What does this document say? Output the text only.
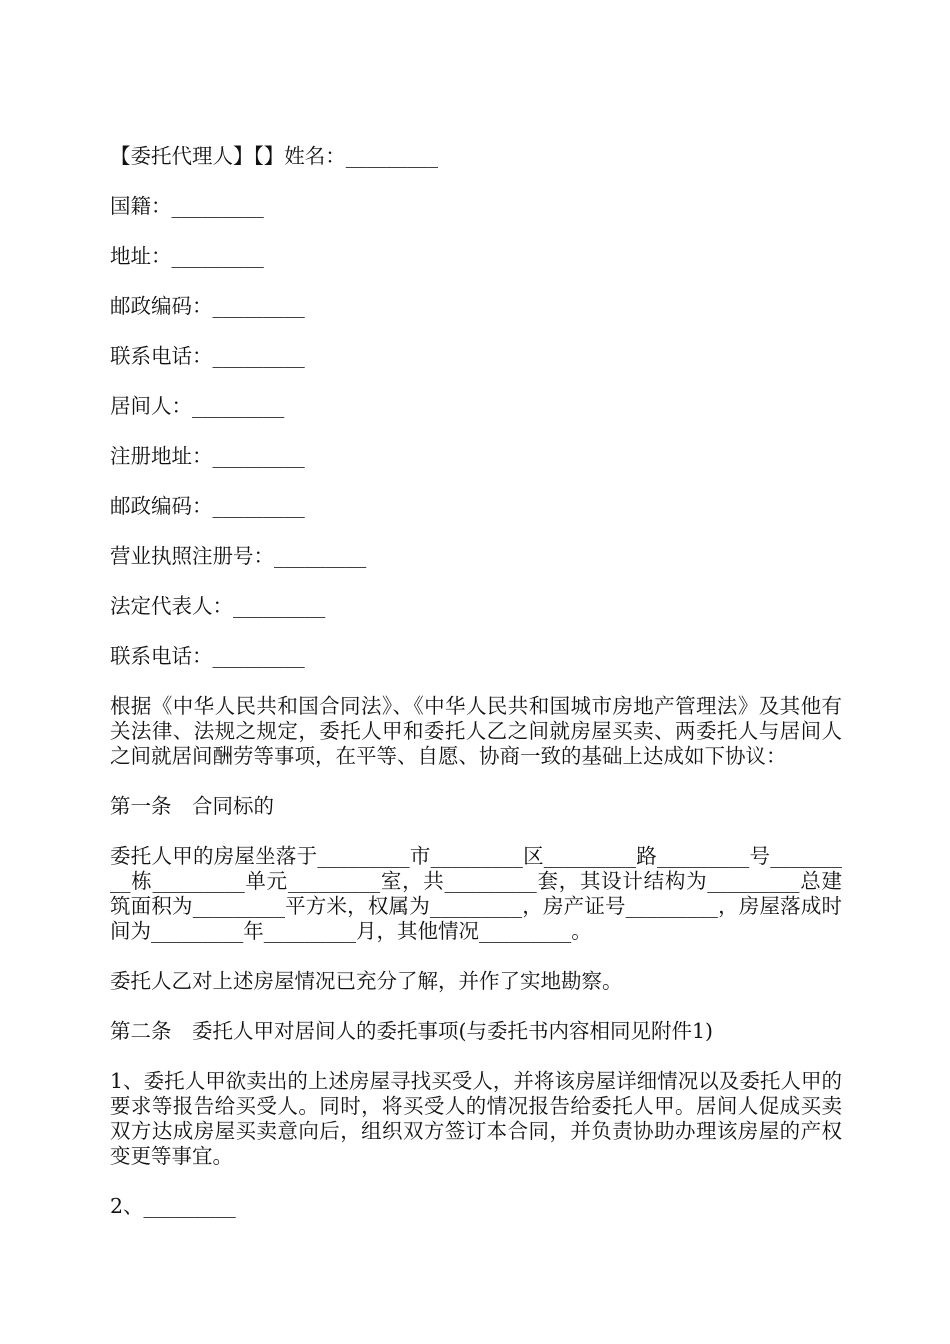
【委托代理人】【】姓名：_________
国籍：_________
地址：_________
邮政编码：_________
联系电话：_________
居间人：_________
注册地址：_________
邮政编码：_________
营业执照注册号：_________
法定代表人：_________
联系电话：_________
根据《中华人民共和国合同法》、《中华人民共和国城市房地产管理法》及其他有关法律、法规之规定，委托人甲和委托人乙之间就房屋买卖、两委托人与居间人之间就居间酬劳等事项，在平等、自愿、协商一致的基础上达成如下协议：
第一条　合同标的
委托人甲的房屋坐落于_________市_________区_________路_________号_________栋_________单元_________室，共_________套，其设计结构为_________总建筑面积为_________平方米，权属为_________，房产证号_________，房屋落成时间为_________年_________月，其他情况_________。
委托人乙对上述房屋情况已充分了解，并作了实地勘察。
第二条　委托人甲对居间人的委托事项(与委托书内容相同见附件1)
1、委托人甲欲卖出的上述房屋寻找买受人，并将该房屋详细情况以及委托人甲的要求等报告给买受人。同时，将买受人的情况报告给委托人甲。居间人促成买卖双方达成房屋买卖意向后，组织双方签订本合同，并负责协助办理该房屋的产权变更等事宜。
2、_________
